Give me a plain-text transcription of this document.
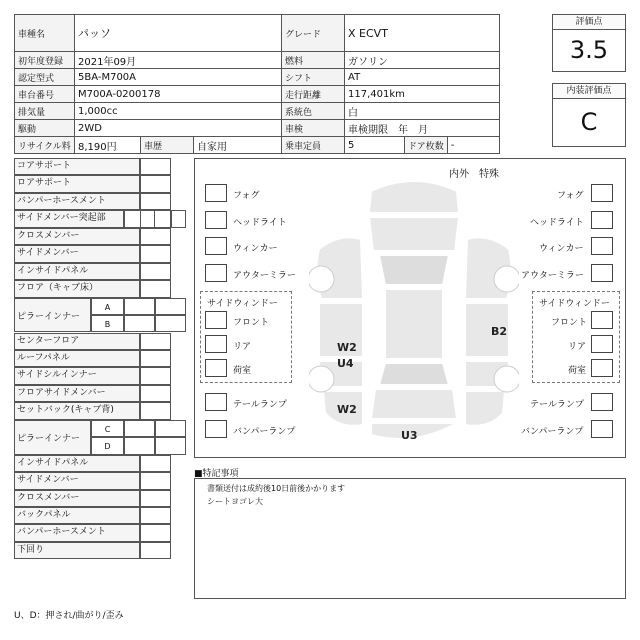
車種名	パッソ			グレード	X ECVT		
初年度登録	2021年09月			燃料	ガソリン		
認定型式	5BA-M700A			シフト	AT		
車台番号	M700A-0200178			走行距離	117,401km		
排気量	1,000cc			系統色	白		
駆動	2WD			車検	車検期限　年　月		
リサイクル料	8,190円	車歴	自家用	乗車定員	5	ドア枚数	-
評価点
3.5
内装評価点
C
コアサポート
ロアサポート
バンパーホースメント
サイドメンバー突起部
クロスメンバー
サイドメンバー
インサイドパネル
フロア（キャブ床）
ピラーインナー
A
B
センターフロア
ルーフパネル
サイドシルインナー
フロアサイドメンバー
セットバック(キャブ背)
ピラーインナー
C
D
インサイドパネル
サイドメンバー
クロスメンバー
バックパネル
バンパーホースメント
下回り
U、D：押され/曲がり/歪み
内外　特殊
フォグ
ヘッドライト
ウィンカー
アウターミラー
フォグ
ヘッドライト
ウィンカー
アウターミラー
サイドウィンドー
フロント
リア
荷室
サイドウィンドー
フロント
リア
荷室
テールランプ
バンパーランプ
テールランプ
バンパーランプ
W2
U4
W2
U3
B2
■特記事項
書類送付は成約後10日前後かかります
シートヨゴレ大
